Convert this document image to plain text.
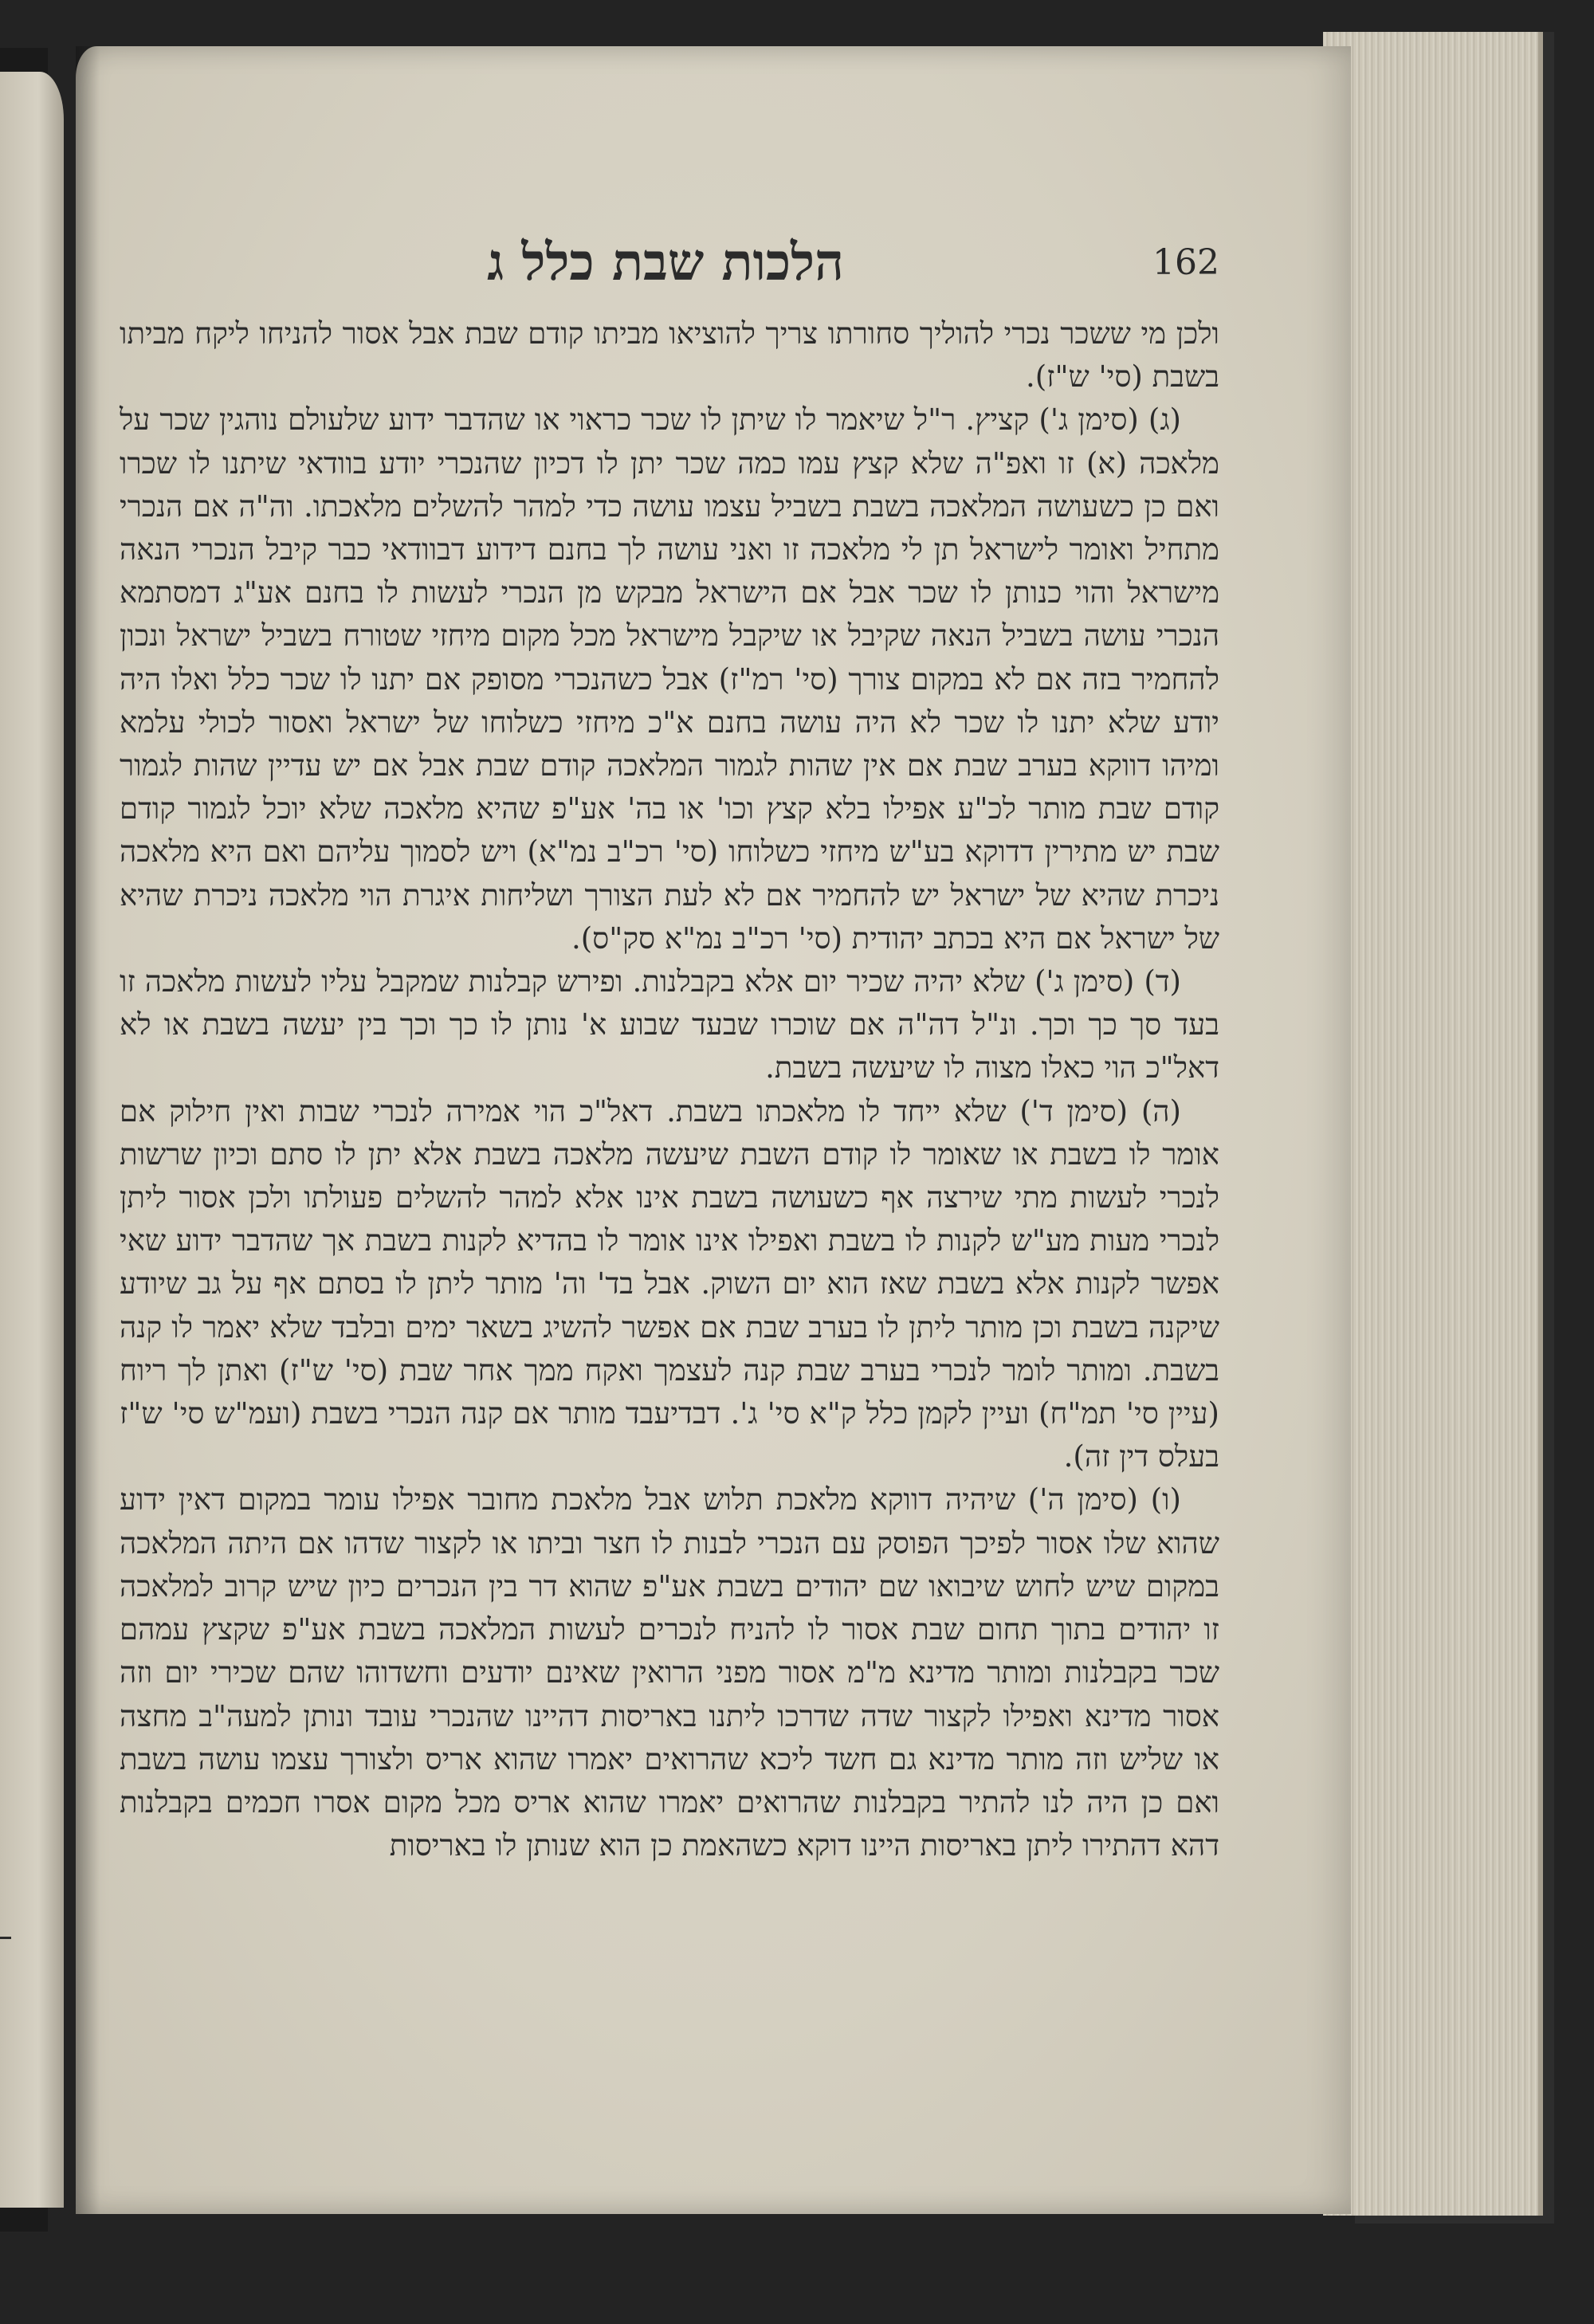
162
הלכות שבת כלל ג

ולכן מי ששכר נכרי להוליך סחורתו צריך להוציאו מביתו קודם שבת אבל אסור להניחו ליקח מביתו בשבת (סי' ש"ז).

(ג) (סימן ג') קציץ. ר"ל שיאמר לו שיתן לו שכר כראוי או שהדבר ידוע שלעולם נוהגין שכר על מלאכה (א) זו ואפ"ה שלא קצץ עמו כמה שכר יתן לו דכיון שהנכרי יודע בוודאי שיתנו לו שכרו ואם כן כשעושה המלאכה בשבת בשביל עצמו עושה כדי למהר להשלים מלאכתו. וה"ה אם הנכרי מתחיל ואומר לישראל תן לי מלאכה זו ואני עושה לך בחנם דידוע דבוודאי כבר קיבל הנכרי הנאה מישראל והוי כנותן לו שכר אבל אם הישראל מבקש מן הנכרי לעשות לו בחנם אע"ג דמסתמא הנכרי עושה בשביל הנאה שקיבל או שיקבל מישראל מכל מקום מיחזי שטורח בשביל ישראל ונכון להחמיר בזה אם לא במקום צורך (סי' רמ"ז) אבל כשהנכרי מסופק אם יתנו לו שכר כלל ואלו היה יודע שלא יתנו לו שכר לא היה עושה בחנם א"כ מיחזי כשלוחו של ישראל ואסור לכולי עלמא ומיהו דווקא בערב שבת אם אין שהות לגמור המלאכה קודם שבת אבל אם יש עדיין שהות לגמור קודם שבת מותר לכ"ע אפילו בלא קצץ וכו' או בה' אע"פ שהיא מלאכה שלא יוכל לגמור קודם שבת יש מתירין דדוקא בע"ש מיחזי כשלוחו (סי' רכ"ב נמ"א) ויש לסמוך עליהם ואם היא מלאכה ניכרת שהיא של ישראל יש להחמיר אם לא לעת הצורך ושליחות איגרת הוי מלאכה ניכרת שהיא של ישראל אם היא בכתב יהודית (סי' רכ"ב נמ"א סק"ס).

(ד) (סימן ג') שלא יהיה שכיר יום אלא בקבלנות. ופירש קבלנות שמקבל עליו לעשות מלאכה זו בעד סך כך וכך. ונ"ל דה"ה אם שוכרו שבעד שבוע א' נותן לו כך וכך בין יעשה בשבת או לא דאל"כ הוי כאלו מצוה לו שיעשה בשבת.

(ה) (סימן ד') שלא ייחד לו מלאכתו בשבת. דאל"כ הוי אמירה לנכרי שבות ואין חילוק אם אומר לו בשבת או שאומר לו קודם השבת שיעשה מלאכה בשבת אלא יתן לו סתם וכיון שרשות לנכרי לעשות מתי שירצה אף כשעושה בשבת אינו אלא למהר להשלים פעולתו ולכן אסור ליתן לנכרי מעות מע"ש לקנות לו בשבת ואפילו אינו אומר לו בהדיא לקנות בשבת אך שהדבר ידוע שאי אפשר לקנות אלא בשבת שאז הוא יום השוק. אבל בד' וה' מותר ליתן לו בסתם אף על גב שיודע שיקנה בשבת וכן מותר ליתן לו בערב שבת אם אפשר להשיג בשאר ימים ובלבד שלא יאמר לו קנה בשבת. ומותר לומר לנכרי בערב שבת קנה לעצמך ואקח ממך אחר שבת (סי' ש"ז) ואתן לך ריוח (עיין סי' תמ"ח) ועיין לקמן כלל ק"א סי' ג'. דבדיעבד מותר אם קנה הנכרי בשבת (ועמ"ש סי' ש"ז בעלס דין זה).

(ו) (סימן ה') שיהיה דווקא מלאכת תלוש אבל מלאכת מחובר אפילו עומר במקום דאין ידוע שהוא שלו אסור לפיכך הפוסק עם הנכרי לבנות לו חצר וביתו או לקצור שדהו אם היתה המלאכה במקום שיש לחוש שיבואו שם יהודים בשבת אע"פ שהוא דר בין הנכרים כיון שיש קרוב למלאכה זו יהודים בתוך תחום שבת אסור לו להניח לנכרים לעשות המלאכה בשבת אע"פ שקצץ עמהם שכר בקבלנות ומותר מדינא מ"מ אסור מפני הרואין שאינם יודעים וחשדוהו שהם שכירי יום וזה אסור מדינא ואפילו לקצור שדה שדרכו ליתנו באריסות דהיינו שהנכרי עובד ונותן למעה"ב מחצה או שליש וזה מותר מדינא גם חשד ליכא שהרואים יאמרו שהוא אריס ולצורך עצמו עושה בשבת ואם כן היה לנו להתיר בקבלנות שהרואים יאמרו שהוא אריס מכל מקום אסרו חכמים בקבלנות דהא דהתירו ליתן באריסות היינו דוקא כשהאמת כן הוא שנותן לו באריסות
